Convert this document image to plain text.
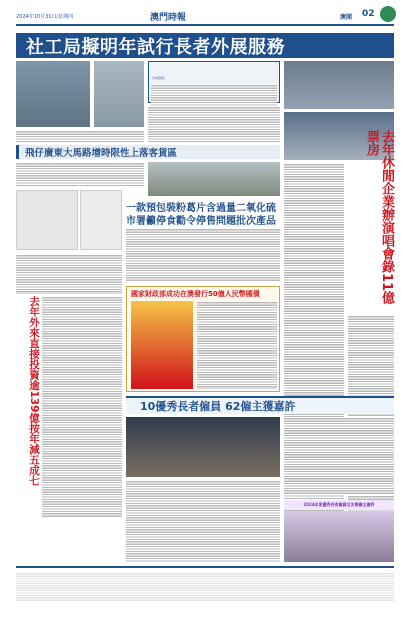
2024年10月31日/星期四	澳門時報	澳聞 02
社工局擬明年試行長者外展服務
【本報訊】
去年休閒企業辦演唱會錄11億票房
飛仔廣東大馬路增時限性上落客貨區
一款預包裝粉葛片含過量二氧化硫
市署籲停食勸令停售問題批次產品
去年外來直接投資逾139億按年減五成七
國家財政部成功在澳發行50億人民幣國債
10優秀長者僱員 62僱主獲嘉許
2024年度優秀長者僱員及友善僱主嘉許
